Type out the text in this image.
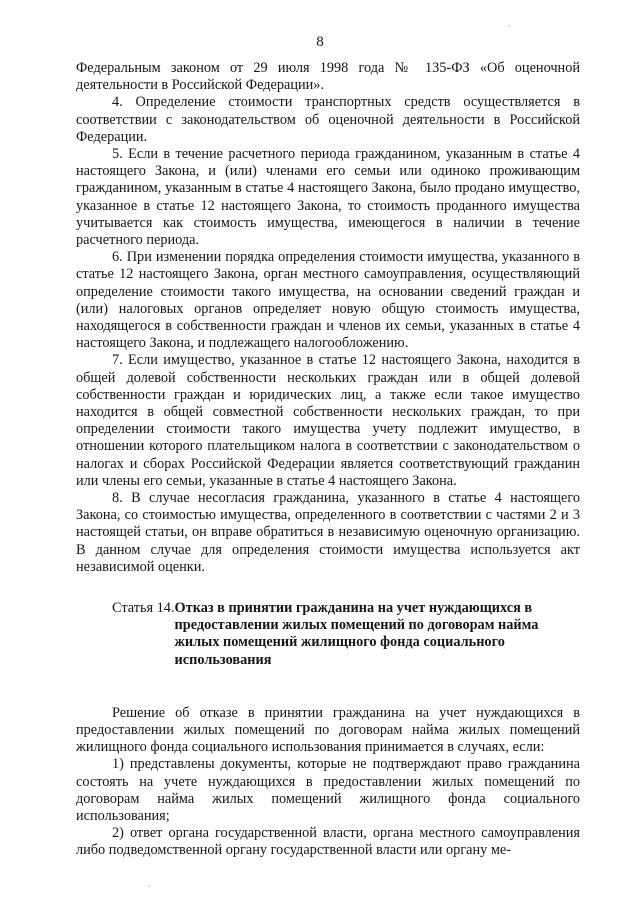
8
·
·

Федеральным законом от 29 июля 1998 года № 135-ФЗ «Об оценочной деятельности в Российской Федерации».

4. Определение стоимости транспортных средств осуществляется в соответствии с законодательством об оценочной деятельности в Российской Федерации.

5. Если в течение расчетного периода гражданином, указанным в статье 4 настоящего Закона, и (или) членами его семьи или одиноко проживающим гражданином, указанным в статье 4 настоящего Закона, было продано имущество, указанное в статье 12 настоящего Закона, то стоимость проданного имущества учитывается как стоимость имущества, имеющегося в наличии в течение расчетного периода.

6. При изменении порядка определения стоимости имущества, указанного в статье 12 настоящего Закона, орган местного самоуправления, осуществляющий определение стоимости такого имущества, на основании сведений граждан и (или) налоговых органов определяет новую общую стоимость имущества, находящегося в собственности граждан и членов их семьи, указанных в статье 4 настоящего Закона, и подлежащего налогообложению.

7. Если имущество, указанное в статье 12 настоящего Закона, находится в общей долевой собственности нескольких граждан или в общей долевой собственности граждан и юридических лиц, а также если такое имущество находится в общей совместной собственности нескольких граждан, то при определении стоимости такого имущества учету подлежит имущество, в отношении которого плательщиком налога в соответствии с законодательством о налогах и сборах Российской Федерации является соответствующий гражданин или члены его семьи, указанные в статье 4 настоящего Закона.

8. В случае несогласия гражданина, указанного в статье 4 настоящего Закона, со стоимостью имущества, определенного в соответствии с частями 2 и 3 настоящей статьи, он вправе обратиться в независимую оценочную организацию. В данном случае для определения стоимости имущества используется акт независимой оценки.

Статья 14. Отказ в принятии гражданина на учет нуждающихся в предоставлении жилых помещений по договорам найма жилых помещений жилищного фонда социального использования

Решение об отказе в принятии гражданина на учет нуждающихся в предоставлении жилых помещений по договорам найма жилых помещений жилищного фонда социального использования принимается в случаях, если:

1) представлены документы, которые не подтверждают право гражданина состоять на учете нуждающихся в предоставлении жилых помещений по договорам найма жилых помещений жилищного фонда социального использования;

2) ответ органа государственной власти, органа местного самоуправления либо подведомственной органу государственной власти или органу ме-
